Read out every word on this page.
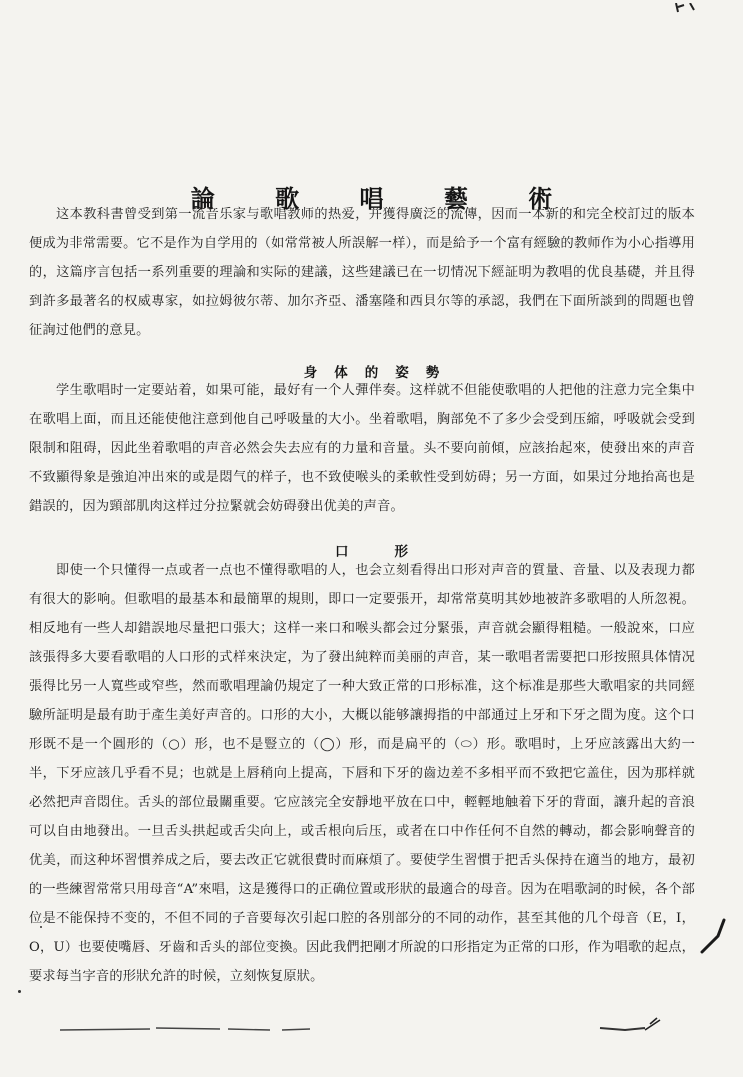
論 歌 唱 藝 術

这本教科書曾受到第一流音乐家与歌唱教师的热爱，并獲得廣泛的流傳，因而一本新的和完全校訂过的版本便成为非常需要。它不是作为自学用的（如常常被人所誤解一样），而是給予一个富有經驗的教师作为小心指導用的，这篇序言包括一系列重要的理論和实际的建議，这些建議已在一切情况下經証明为教唱的优良基礎，并且得到許多最著名的权威專家，如拉姆彼尔蒂、加尔齐亞、潘塞隆和西貝尔等的承認，我們在下面所談到的問題也曾征詢过他們的意見。

身体的姿勢

学生歌唱时一定要站着，如果可能，最好有一个人彈伴奏。这样就不但能使歌唱的人把他的注意力完全集中在歌唱上面，而且还能使他注意到他自己呼吸量的大小。坐着歌唱，胸部免不了多少会受到压縮，呼吸就会受到限制和阻碍，因此坐着歌唱的声音必然会失去应有的力量和音量。头不要向前傾，应該抬起來，使發出來的声音不致顯得象是強迫冲出來的或是悶气的样子，也不致使喉头的柔軟性受到妨碍；另一方面，如果过分地抬高也是錯誤的，因为頸部肌肉这样过分拉緊就会妨碍發出优美的声音。

口形

即使一个只懂得一点或者一点也不懂得歌唱的人，也会立刻看得出口形对声音的質量、音量、以及表现力都有很大的影响。但歌唱的最基本和最簡單的規則，即口一定要張开，却常常莫明其妙地被許多歌唱的人所忽視。相反地有一些人却錯誤地尽量把口張大；这样一来口和喉头都会过分緊張，声音就会顯得粗糙。一般說來，口应該張得多大要看歌唱的人口形的式样來決定，为了發出純粹而美丽的声音，某一歌唱者需要把口形按照具体情况張得比另一人寬些或窄些，然而歌唱理論仍規定了一种大致正常的口形标准，这个标准是那些大歌唱家的共同經驗所証明是最有助于產生美好声音的。口形的大小，大概以能够讓拇指的中部通过上牙和下牙之間为度。这个口形既不是一个圓形的（○）形，也不是豎立的（◯）形，而是扁平的（⬭）形。歌唱时，上牙应該露出大約一半，下牙应該几乎看不見；也就是上唇稍向上提高，下唇和下牙的齒边差不多相平而不致把它盖住，因为那样就必然把声音悶住。舌头的部位最關重要。它应該完全安靜地平放在口中，輕輕地触着下牙的背面，讓升起的音浪可以自由地發出。一旦舌头拱起或舌尖向上，或舌根向后压，或者在口中作任何不自然的轉动，都会影响聲音的优美，而这种坏習慣养成之后，要去改正它就很費时而麻煩了。要使学生習慣于把舌头保持在適当的地方，最初的一些練習常常只用母音“A”來唱，这是獲得口的正确位置或形狀的最適合的母音。因为在唱歌詞的时候，各个部位是不能保持不变的，不但不同的子音要每次引起口腔的各別部分的不同的动作，甚至其他的几个母音（E，I，O，U）也要使嘴唇、牙齒和舌头的部位变換。因此我們把剛才所說的口形指定为正常的口形，作为唱歌的起点，要求每当字音的形狀允許的时候，立刻恢复原狀。
